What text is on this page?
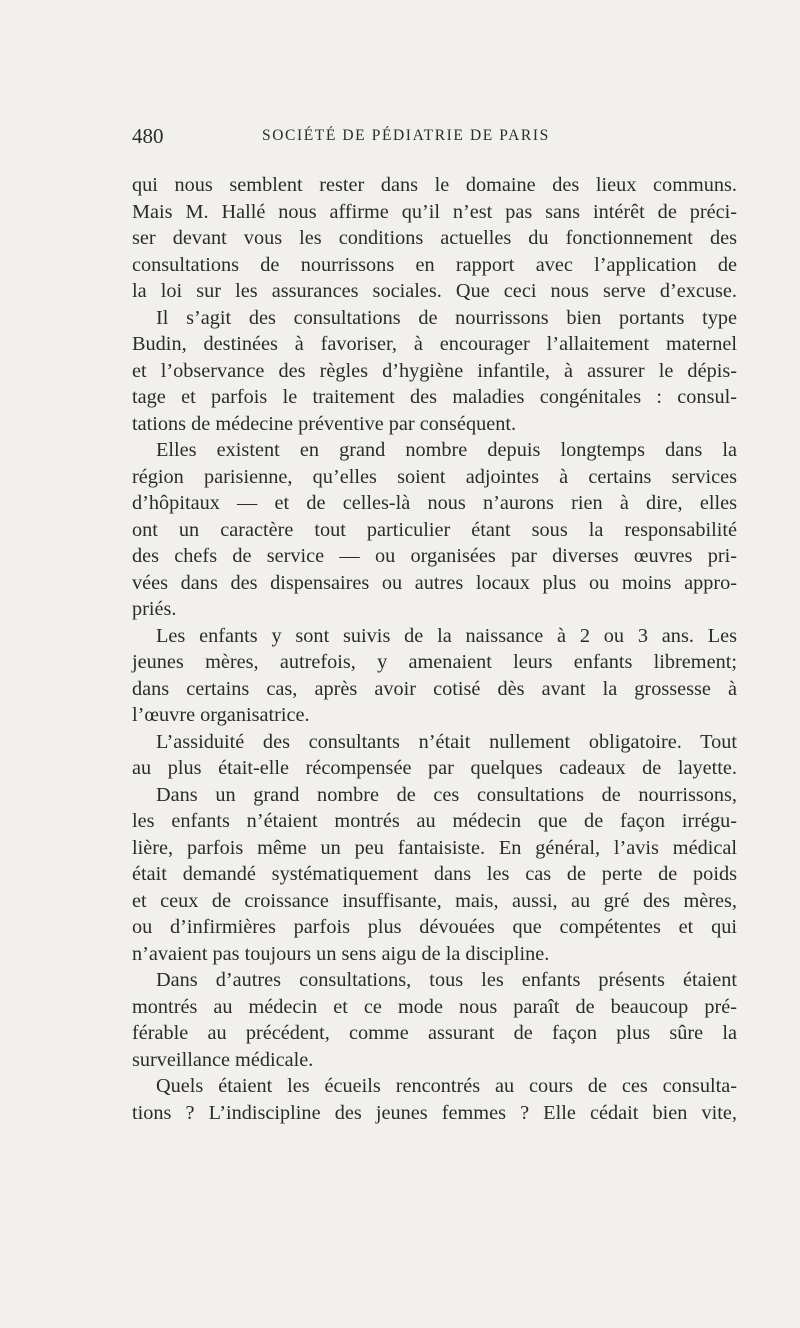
480	SOCIÉTÉ DE PÉDIATRIE DE PARIS
qui nous semblent rester dans le domaine des lieux communs.
Mais M. Hallé nous affirme qu’il n’est pas sans intérêt de préci-
ser devant vous les conditions actuelles du fonctionnement des
consultations de nourrissons en rapport avec l’application de
la loi sur les assurances sociales. Que ceci nous serve d’excuse.
Il s’agit des consultations de nourrissons bien portants type
Budin, destinées à favoriser, à encourager l’allaitement maternel
et l’observance des règles d’hygiène infantile, à assurer le dépis-
tage et parfois le traitement des maladies congénitales : consul-
tations de médecine préventive par conséquent.
Elles existent en grand nombre depuis longtemps dans la
région parisienne, qu’elles soient adjointes à certains services
d’hôpitaux — et de celles-là nous n’aurons rien à dire, elles
ont un caractère tout particulier étant sous la responsabilité
des chefs de service — ou organisées par diverses œuvres pri-
vées dans des dispensaires ou autres locaux plus ou moins appro-
priés.
Les enfants y sont suivis de la naissance à 2 ou 3 ans. Les
jeunes mères, autrefois, y amenaient leurs enfants librement;
dans certains cas, après avoir cotisé dès avant la grossesse à
l’œuvre organisatrice.
L’assiduité des consultants n’était nullement obligatoire. Tout
au plus était-elle récompensée par quelques cadeaux de layette.
Dans un grand nombre de ces consultations de nourrissons,
les enfants n’étaient montrés au médecin que de façon irrégu-
lière, parfois même un peu fantaisiste. En général, l’avis médical
était demandé systématiquement dans les cas de perte de poids
et ceux de croissance insuffisante, mais, aussi, au gré des mères,
ou d’infirmières parfois plus dévouées que compétentes et qui
n’avaient pas toujours un sens aigu de la discipline.
Dans d’autres consultations, tous les enfants présents étaient
montrés au médecin et ce mode nous paraît de beaucoup pré-
férable au précédent, comme assurant de façon plus sûre la
surveillance médicale.
Quels étaient les écueils rencontrés au cours de ces consulta-
tions ? L’indiscipline des jeunes femmes ? Elle cédait bien vite,
